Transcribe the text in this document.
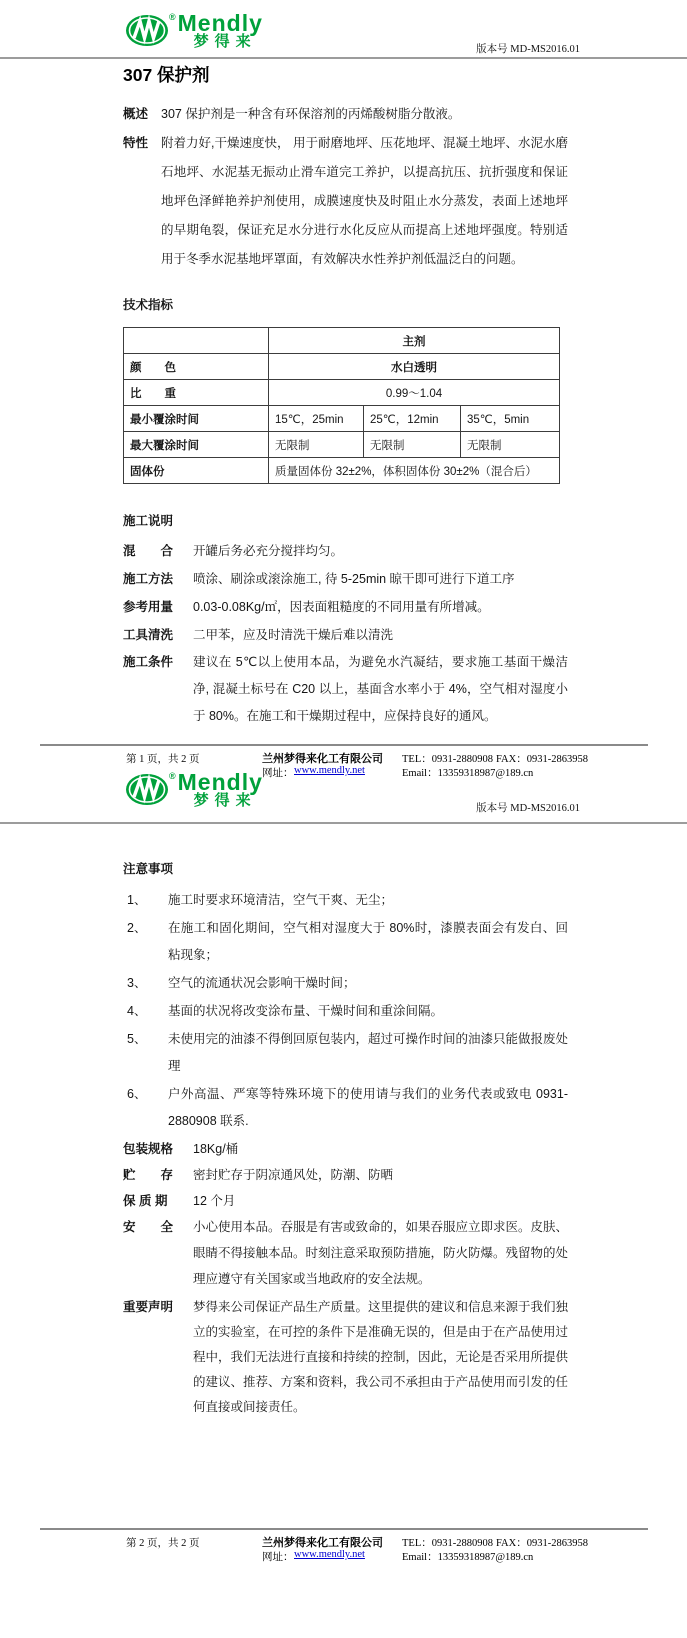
® Mendly
梦得来	版本号 MD-MS2016.01
307 保护剂
概述	307 保护剂是一种含有环保溶剂的丙烯酸树脂分散液。
特性	附着力好,干燥速度快， 用于耐磨地坪、压花地坪、混凝土地坪、水泥水磨石地坪、水泥基无振动止滑车道完工养护，以提高抗压、抗折强度和保证地坪色泽鲜艳养护剂使用，成膜速度快及时阻止水分蒸发，表面上述地坪的早期龟裂，保证充足水分进行水化反应从而提高上述地坪强度。特别适用于冬季水泥基地坪罩面，有效解决水性养护剂低温泛白的问题。

技术指标

	主剂		
颜　　色	水白透明		
比　　重	0.99～1.04		
最小覆涂时间	15℃，25min	25℃，12min	35℃，5min
最大覆涂时间	无限制	无限制	无限制
固体份	质量固体份 32±2%，体积固体份 30±2%（混合后）		

施工说明

混　　合	开罐后务必充分搅拌均匀。
施工方法	喷涂、刷涂或滚涂施工, 待 5-25min 晾干即可进行下道工序
参考用量	0.03-0.08Kg/㎡，因表面粗糙度的不同用量有所增减。
工具清洗	二甲苯，应及时清洗干燥后难以清洗
施工条件	建议在 5℃以上使用本品，为避免水汽凝结，要求施工基面干燥洁净, 混凝土标号在 C20 以上，基面含水率小于 4%，空气相对湿度小于 80%。在施工和干燥期过程中，应保持良好的通风。
第 1 页，共 2 页	兰州梦得来化工有限公司 TEL：0931-2880908 FAX：0931-2863958
网址： www.mendly.net	Email：13359318987@189.cn
® Mendly
梦得来	版本号 MD-MS2016.01

注意事项

1、	施工时要求环境清洁，空气干爽、无尘；
2、	在施工和固化期间，空气相对湿度大于 80%时，漆膜表面会有发白、回粘现象；
3、	空气的流通状况会影响干燥时间；
4、	基面的状况将改变涂布量、干燥时间和重涂间隔。
5、	未使用完的油漆不得倒回原包装内，超过可操作时间的油漆只能做报废处理
6、	户外高温、严寒等特殊环境下的使用请与我们的业务代表或致电 0931-2880908 联系.
包装规格	18Kg/桶
贮　　存	密封贮存于阴凉通风处，防潮、防晒
保 质 期	12 个月
安　　全	小心使用本品。吞服是有害或致命的，如果吞服应立即求医。皮肤、眼睛不得接触本品。时刻注意采取预防措施，防火防爆。残留物的处理应遵守有关国家或当地政府的安全法规。
重要声明	梦得来公司保证产品生产质量。这里提供的建议和信息来源于我们独立的实验室，在可控的条件下是准确无误的，但是由于在产品使用过程中，我们无法进行直接和持续的控制，因此，无论是否采用所提供的建议、推荐、方案和资料，我公司不承担由于产品使用而引发的任何直接或间接责任。
第 2 页，共 2 页	兰州梦得来化工有限公司 TEL：0931-2880908 FAX：0931-2863958
网址： www.mendly.net	Email：13359318987@189.cn
